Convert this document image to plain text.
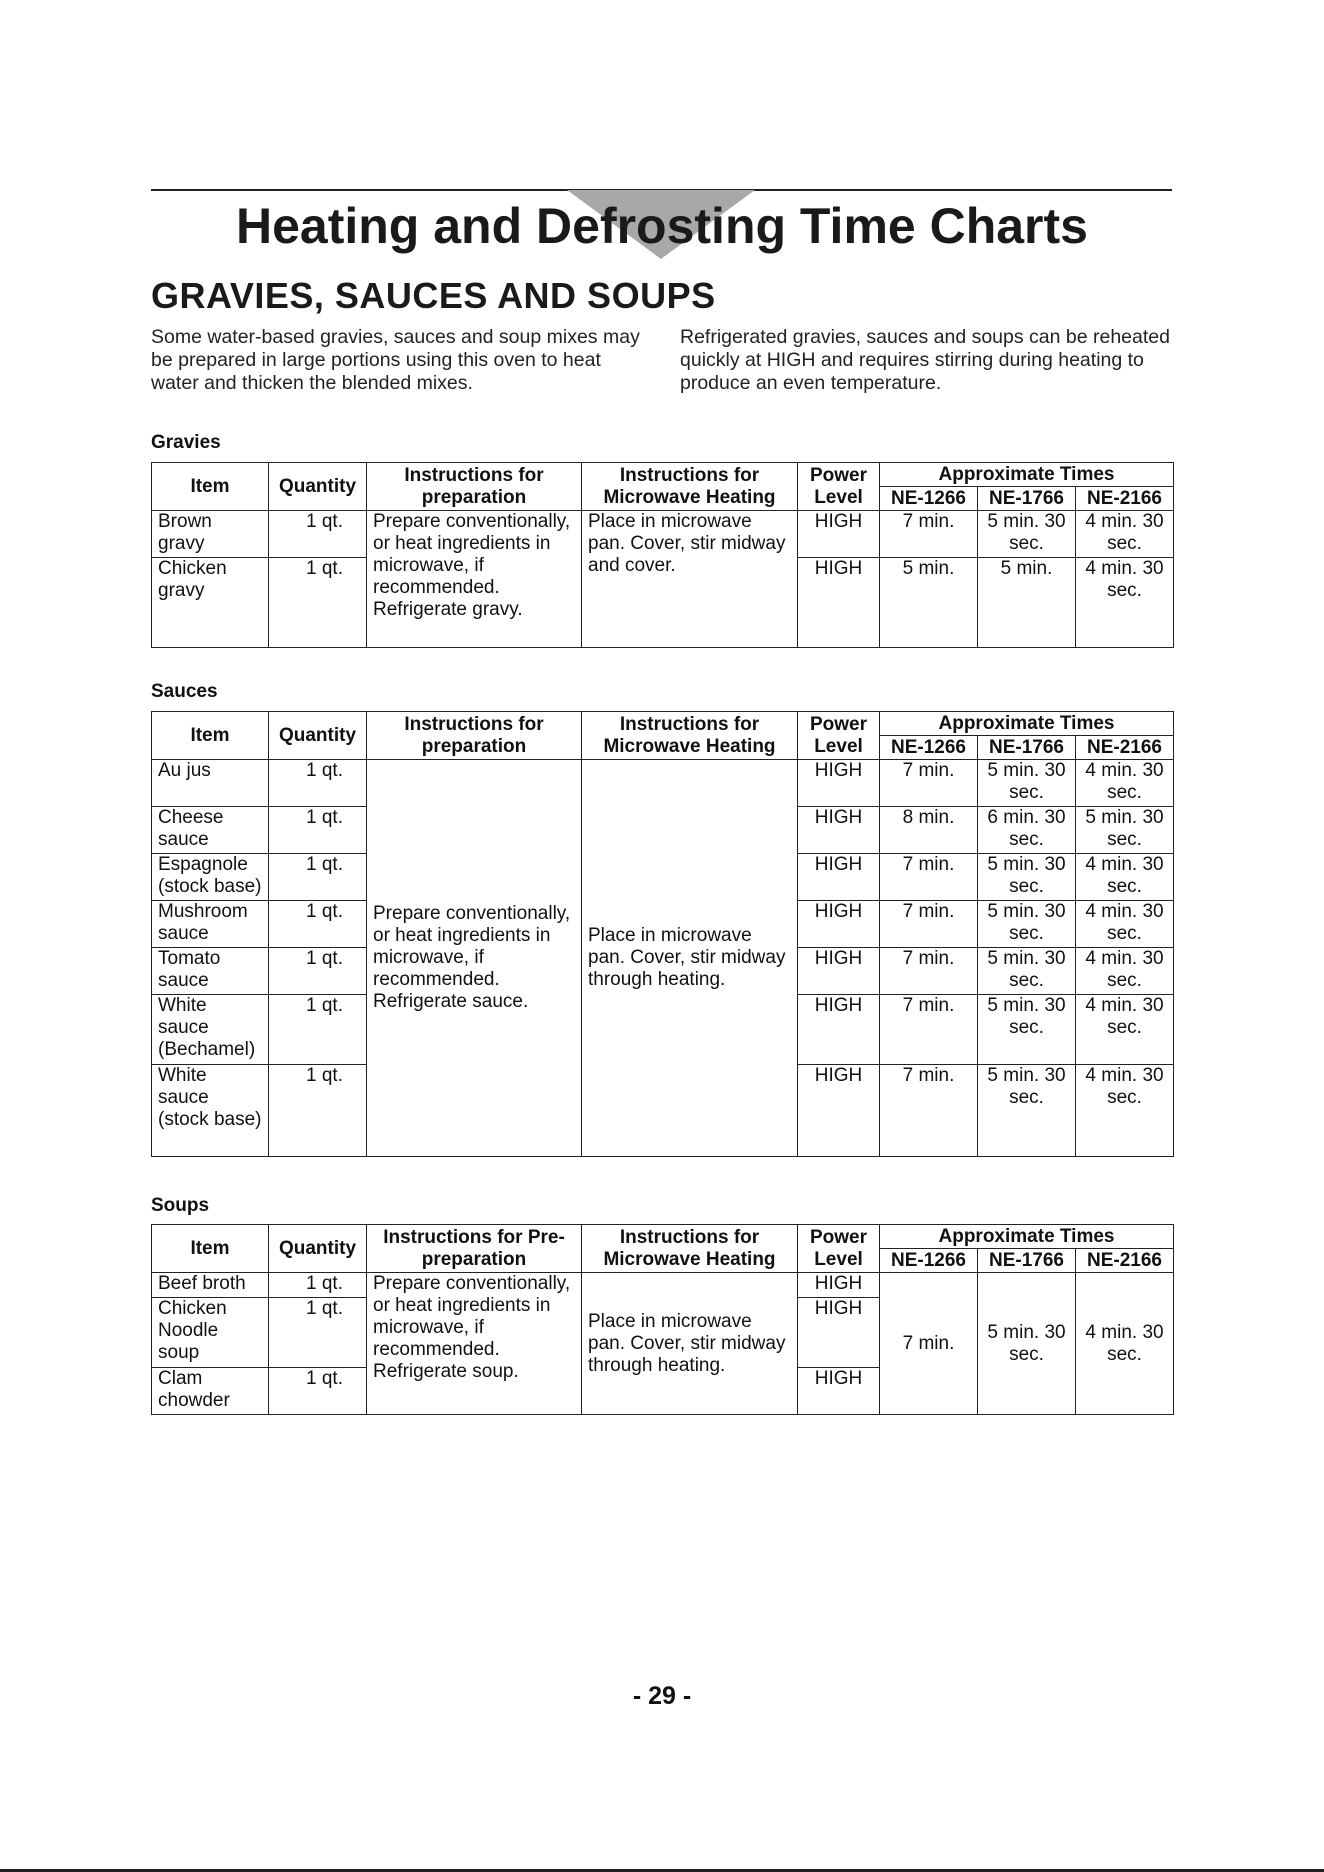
Heating and Defrosting Time Charts
GRAVIES, SAUCES AND SOUPS

Some water-based gravies, sauces and soup mixes may be prepared in large portions using this oven to heat water and thicken the blended mixes.

Refrigerated gravies, sauces and soups can be reheated quickly at HIGH and requires stirring during heating to produce an even temperature.

Gravies
Item	Quantity	Instructions for preparation	Instructions for Microwave Heating	Power Level	Approximate Times		
					NE-1266	NE-1766	NE-2166
Brown gravy	1 qt.	Prepare conventionally, or heat ingredients in microwave, if recommended. Refrigerate gravy.	Place in microwave pan. Cover, stir midway and cover.	HIGH	7 min.	5 min. 30 sec.	4 min. 30 sec.
Chicken gravy	1 qt.			HIGH	5 min.	5 min.	4 min. 30 sec.
Sauces
Item	Quantity	Instructions for preparation	Instructions for Microwave Heating	Power Level	Approximate Times		
					NE-1266	NE-1766	NE-2166
Au jus	1 qt.	Prepare conventionally, or heat ingredients in microwave, if recommended. Refrigerate sauce.	Place in microwave pan. Cover, stir midway through heating.	HIGH	7 min.	5 min. 30 sec.	4 min. 30 sec.
Cheese sauce	1 qt.			HIGH	8 min.	6 min. 30 sec.	5 min. 30 sec.
Espagnole (stock base)	1 qt.			HIGH	7 min.	5 min. 30 sec.	4 min. 30 sec.
Mushroom sauce	1 qt.			HIGH	7 min.	5 min. 30 sec.	4 min. 30 sec.
Tomato sauce	1 qt.			HIGH	7 min.	5 min. 30 sec.	4 min. 30 sec.
White sauce (Bechamel)	1 qt.			HIGH	7 min.	5 min. 30 sec.	4 min. 30 sec.
White sauce (stock base)	1 qt.			HIGH	7 min.	5 min. 30 sec.	4 min. 30 sec.
Soups
Item	Quantity	Instructions for Pre-preparation	Instructions for Microwave Heating	Power Level	Approximate Times		
					NE-1266	NE-1766	NE-2166
Beef broth	1 qt.	Prepare conventionally, or heat ingredients in microwave, if recommended. Refrigerate soup.	Place in microwave pan. Cover, stir midway through heating.	HIGH	7 min.	5 min. 30 sec.	4 min. 30 sec.
Chicken Noodle soup	1 qt.			HIGH			
Clam chowder	1 qt.			HIGH			

- 29 -
